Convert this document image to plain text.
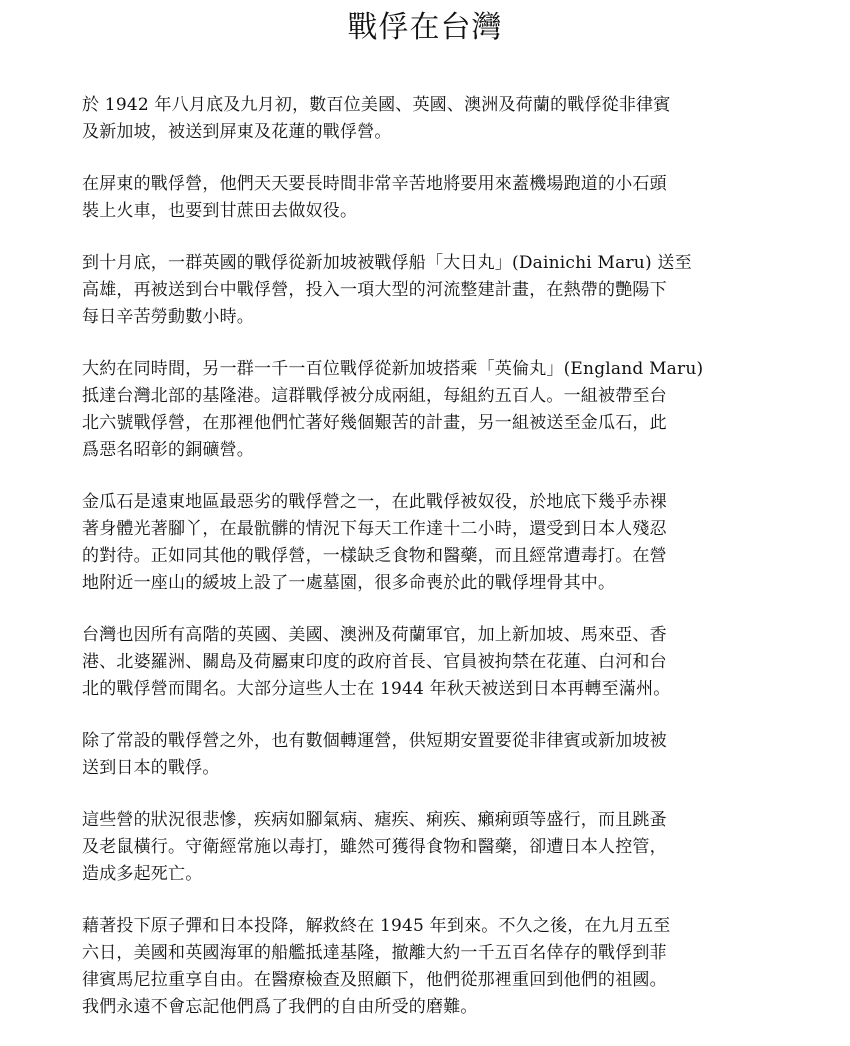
戰俘在台灣

於 1942 年八月底及九月初，數百位美國、英國、澳洲及荷蘭的戰俘從非律賓
及新加坡，被送到屏東及花蓮的戰俘營。

在屏東的戰俘營，他們天天要長時間非常辛苦地將要用來蓋機場跑道的小石頭
裝上火車，也要到甘蔗田去做奴役。

到十月底，一群英國的戰俘從新加坡被戰俘船「大日丸」(Dainichi Maru) 送至
高雄，再被送到台中戰俘營，投入一項大型的河流整建計畫，在熱帶的艷陽下
每日辛苦勞動數小時。

大約在同時間，另一群一千一百位戰俘從新加坡搭乘「英倫丸」(England Maru)
抵達台灣北部的基隆港。這群戰俘被分成兩組，每組約五百人。一組被帶至台
北六號戰俘營，在那裡他們忙著好幾個艱苦的計畫，另一組被送至金瓜石，此
爲惡名昭彰的銅礦營。

金瓜石是遠東地區最惡劣的戰俘營之一，在此戰俘被奴役，於地底下幾乎赤裸
著身體光著腳丫，在最骯髒的情況下每天工作達十二小時，還受到日本人殘忍
的對待。正如同其他的戰俘營，一樣缺乏食物和醫藥，而且經常遭毒打。在營
地附近一座山的緩坡上設了一處墓園，很多命喪於此的戰俘埋骨其中。

台灣也因所有高階的英國、美國、澳洲及荷蘭軍官，加上新加坡、馬來亞、香
港、北婆羅洲、關島及荷屬東印度的政府首長、官員被拘禁在花蓮、白河和台
北的戰俘營而聞名。大部分這些人士在 1944 年秋天被送到日本再轉至滿州。

除了常設的戰俘營之外，也有數個轉運營，供短期安置要從非律賓或新加坡被
送到日本的戰俘。

這些營的狀況很悲慘，疾病如腳氣病、瘧疾、痢疾、癩痢頭等盛行，而且跳蚤
及老鼠橫行。守衛經常施以毒打，雖然可獲得食物和醫藥，卻遭日本人控管，
造成多起死亡。

藉著投下原子彈和日本投降，解救終在 1945 年到來。不久之後，在九月五至
六日，美國和英國海軍的船艦抵達基隆，撤離大約一千五百名倖存的戰俘到菲
律賓馬尼拉重享自由。在醫療檢查及照顧下，他們從那裡重回到他們的祖國。
我們永遠不會忘記他們爲了我們的自由所受的磨難。
